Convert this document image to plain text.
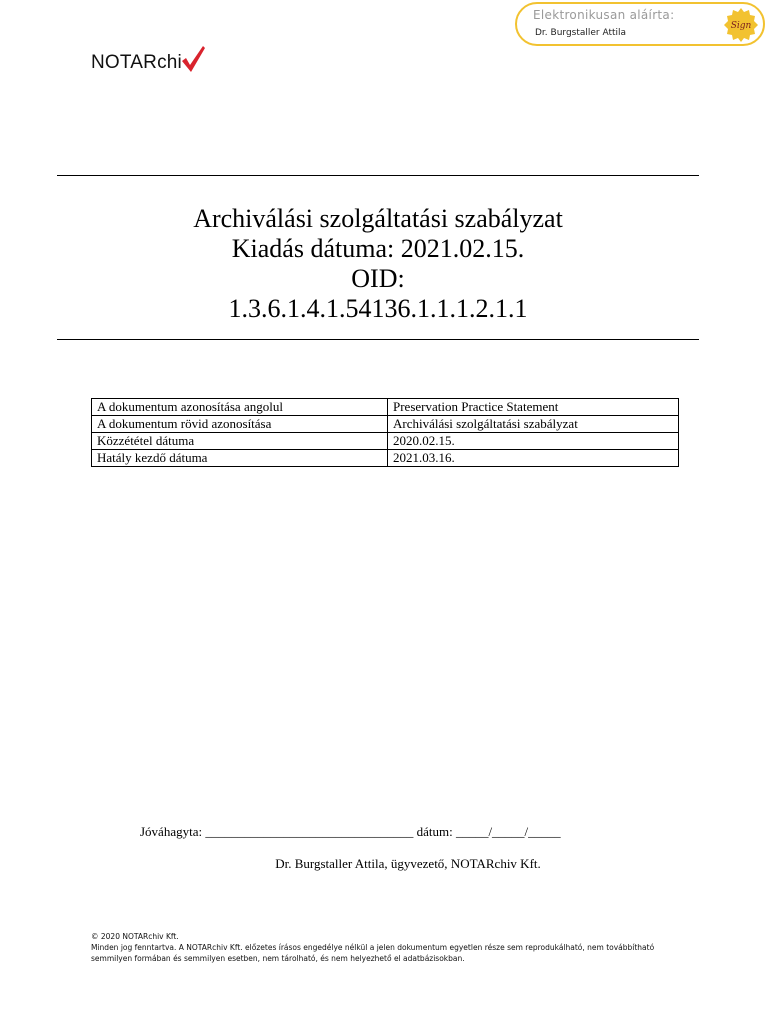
Elektronikusan aláírta:
Dr. Burgstaller Attila
Sign
NOTARchi
Archiválási szolgáltatási szabályzat
Kiadás dátuma: 2021.02.15.
OID:
1.3.6.1.4.1.54136.1.1.1.2.1.1
A dokumentum azonosítása angolul	Preservation Practice Statement
A dokumentum rövid azonosítása	Archiválási szolgáltatási szabályzat
Közzététel dátuma	2020.02.15.
Hatály kezdő dátuma	2021.03.16.
Jóváhagyta: ________________________________ dátum: _____/_____/_____
Dr. Burgstaller Attila, ügyvezető, NOTARchiv Kft.
© 2020 NOTARchiv Kft.
Minden jog fenntartva. A NOTARchiv Kft. előzetes írásos engedélye nélkül a jelen dokumentum egyetlen része sem reprodukálható, nem továbbítható semmilyen formában és semmilyen esetben, nem tárolható, és nem helyezhető el adatbázisokban.
